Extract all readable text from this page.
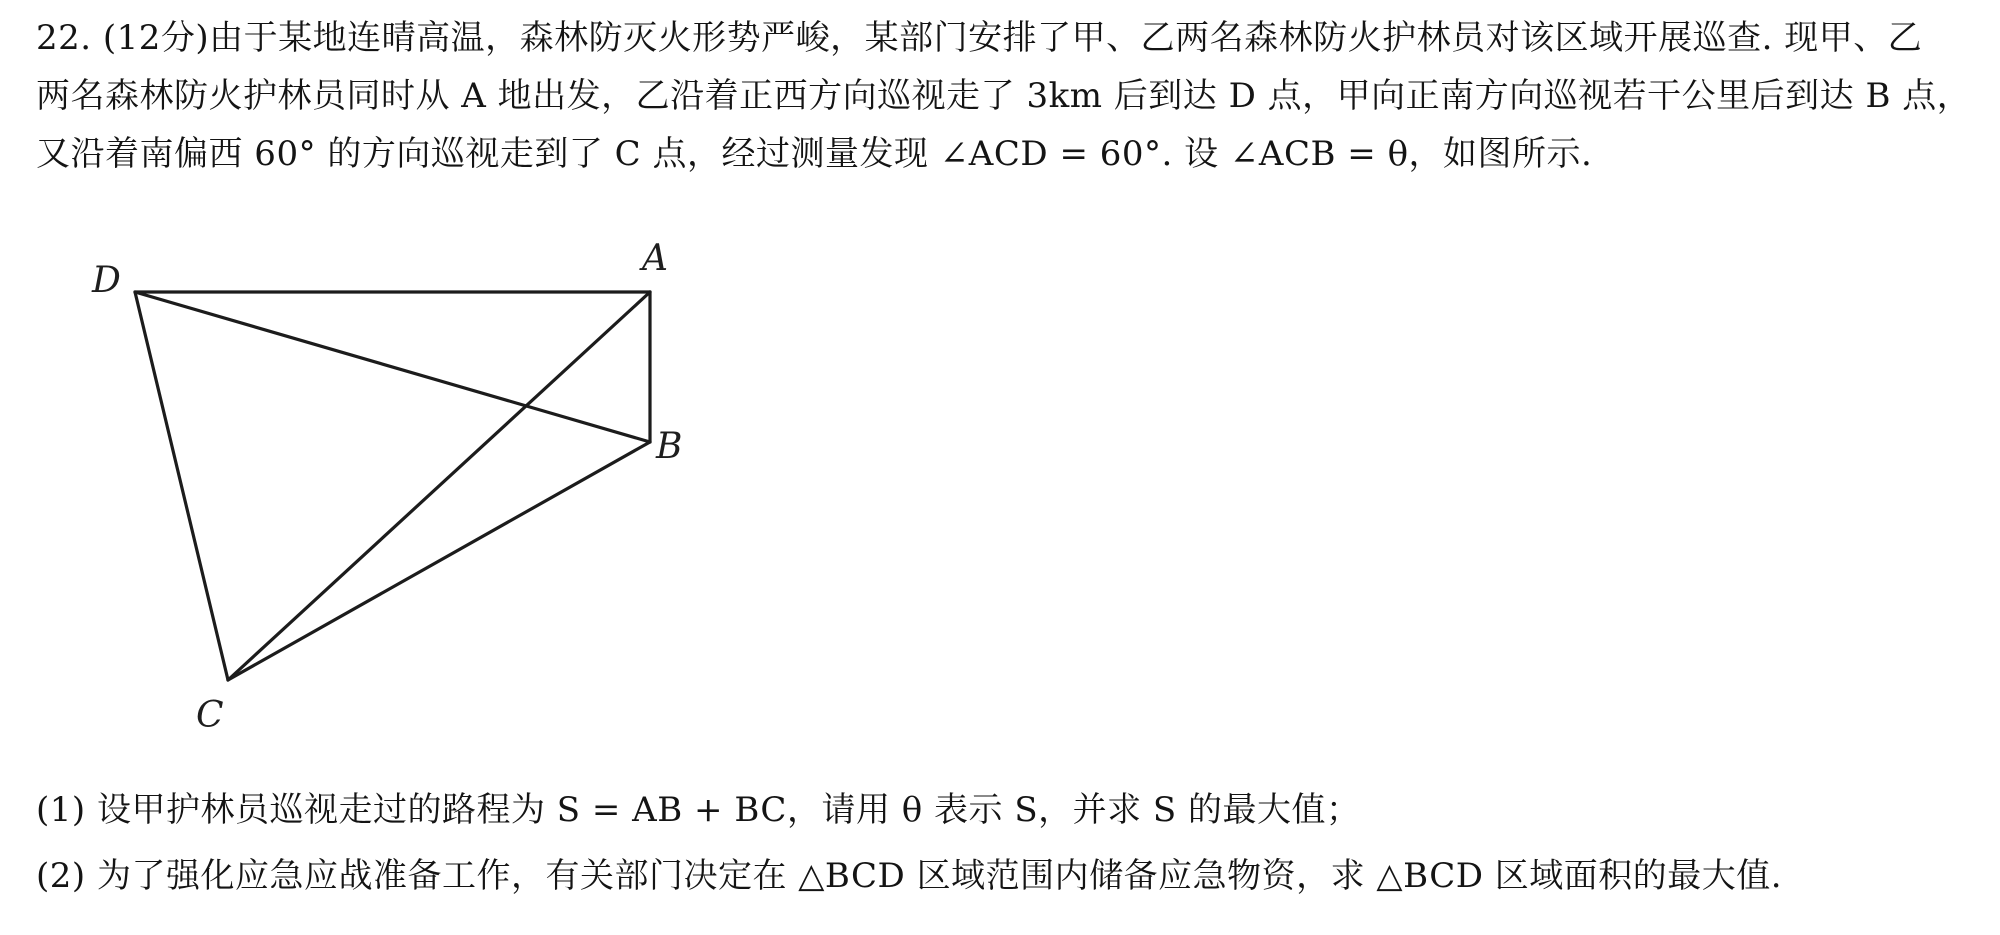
22. (12分)由于某地连晴高温，森林防灭火形势严峻，某部门安排了甲、乙两名森林防火护林员对该区域开展巡查. 现甲、乙
两名森林防火护林员同时从 A 地出发，乙沿着正西方向巡视走了 3km 后到达 D 点，甲向正南方向巡视若干公里后到达 B 点，
又沿着南偏西 60° 的方向巡视走到了 C 点，经过测量发现 ∠ACD = 60°. 设 ∠ACB = θ，如图所示.
D
A
B
C
(1) 设甲护林员巡视走过的路程为 S = AB + BC，请用 θ 表示 S，并求 S 的最大值；
(2) 为了强化应急应战准备工作，有关部门决定在 △BCD 区域范围内储备应急物资，求 △BCD 区域面积的最大值.
